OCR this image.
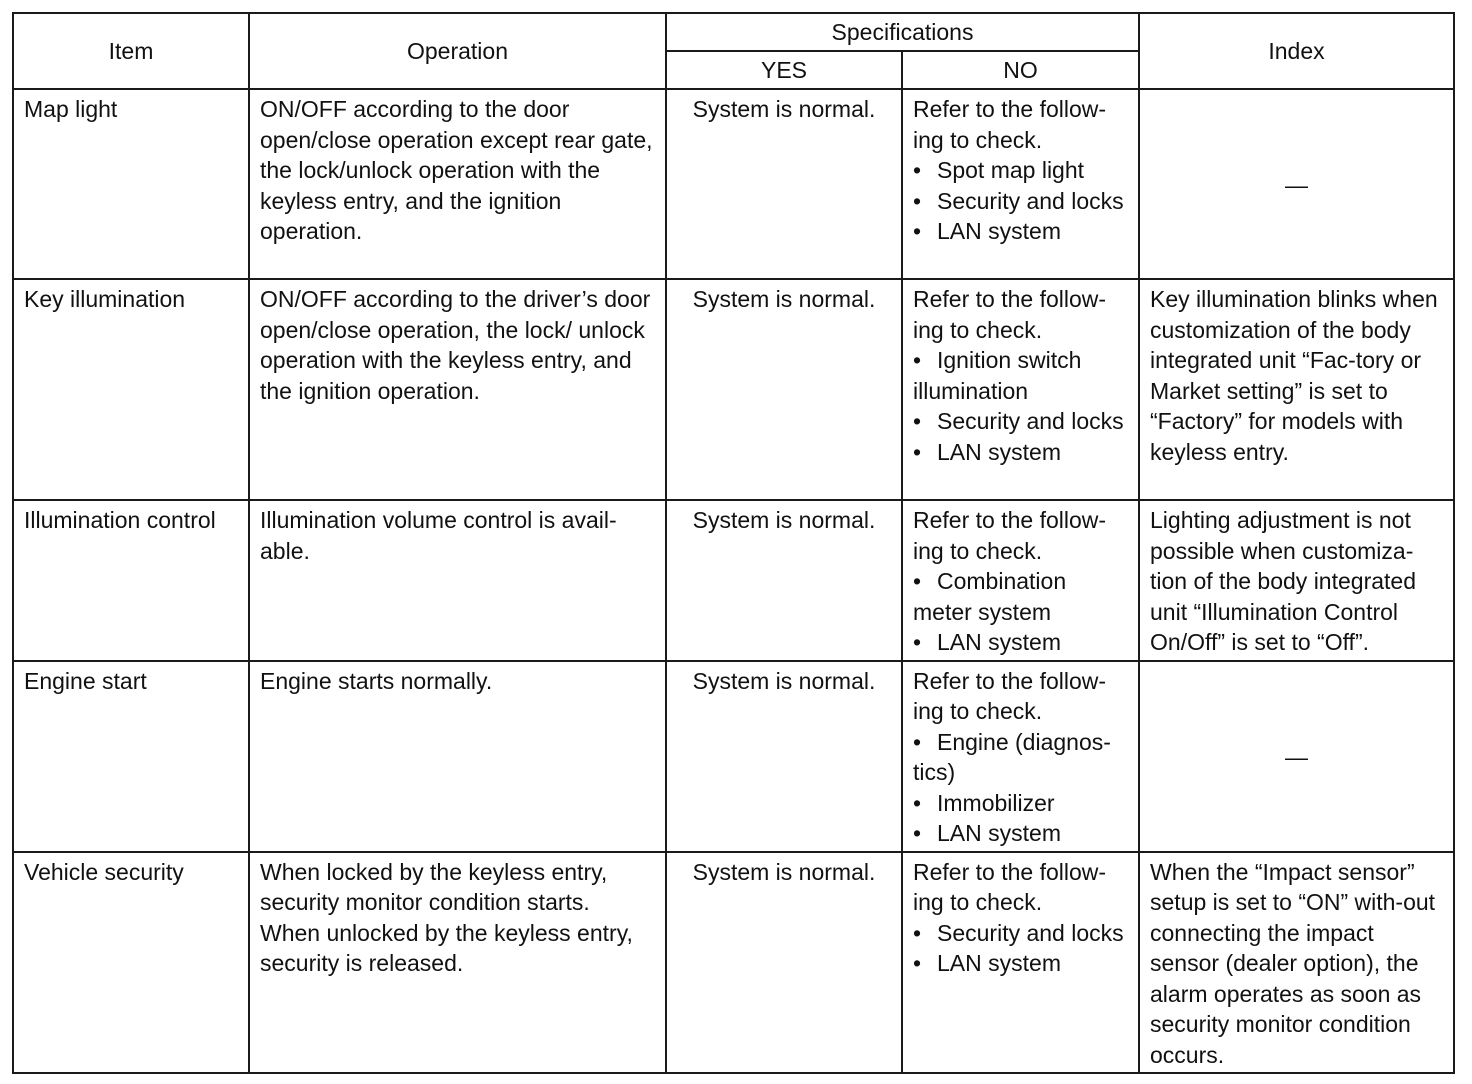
Item	Operation	Specifications		Index
		YES	NO	
Map light	ON/OFF according to the door open/close operation except rear gate, the lock/unlock operation with the keyless entry, and the ignition operation.	System is normal.	Refer to the follow-ing to check.
• Spot map light
• Security and locks
• LAN system	—
Key illumination	ON/OFF according to the driver’s door open/close operation, the lock/ unlock operation with the keyless entry, and the ignition operation.	System is normal.	Refer to the follow-ing to check.
• Ignition switch illumination
• Security and locks
• LAN system	Key illumination blinks when customization of the body integrated unit “Fac-tory or Market setting” is set to “Factory” for models with keyless entry.
Illumination control	Illumination volume control is avail-able.	System is normal.	Refer to the follow-ing to check.
• Combination meter system
• LAN system	Lighting adjustment is not possible when customiza-tion of the body integrated unit “Illumination Control On/Off” is set to “Off”.
Engine start	Engine starts normally.	System is normal.	Refer to the follow-ing to check.
• Engine (diagnos-tics)
• Immobilizer
• LAN system	—
Vehicle security	When locked by the keyless entry, security monitor condition starts. When unlocked by the keyless entry, security is released.	System is normal.	Refer to the follow-ing to check.
• Security and locks
• LAN system	When the “Impact sensor” setup is set to “ON” with-out connecting the impact sensor (dealer option), the alarm operates as soon as security monitor condition occurs.
